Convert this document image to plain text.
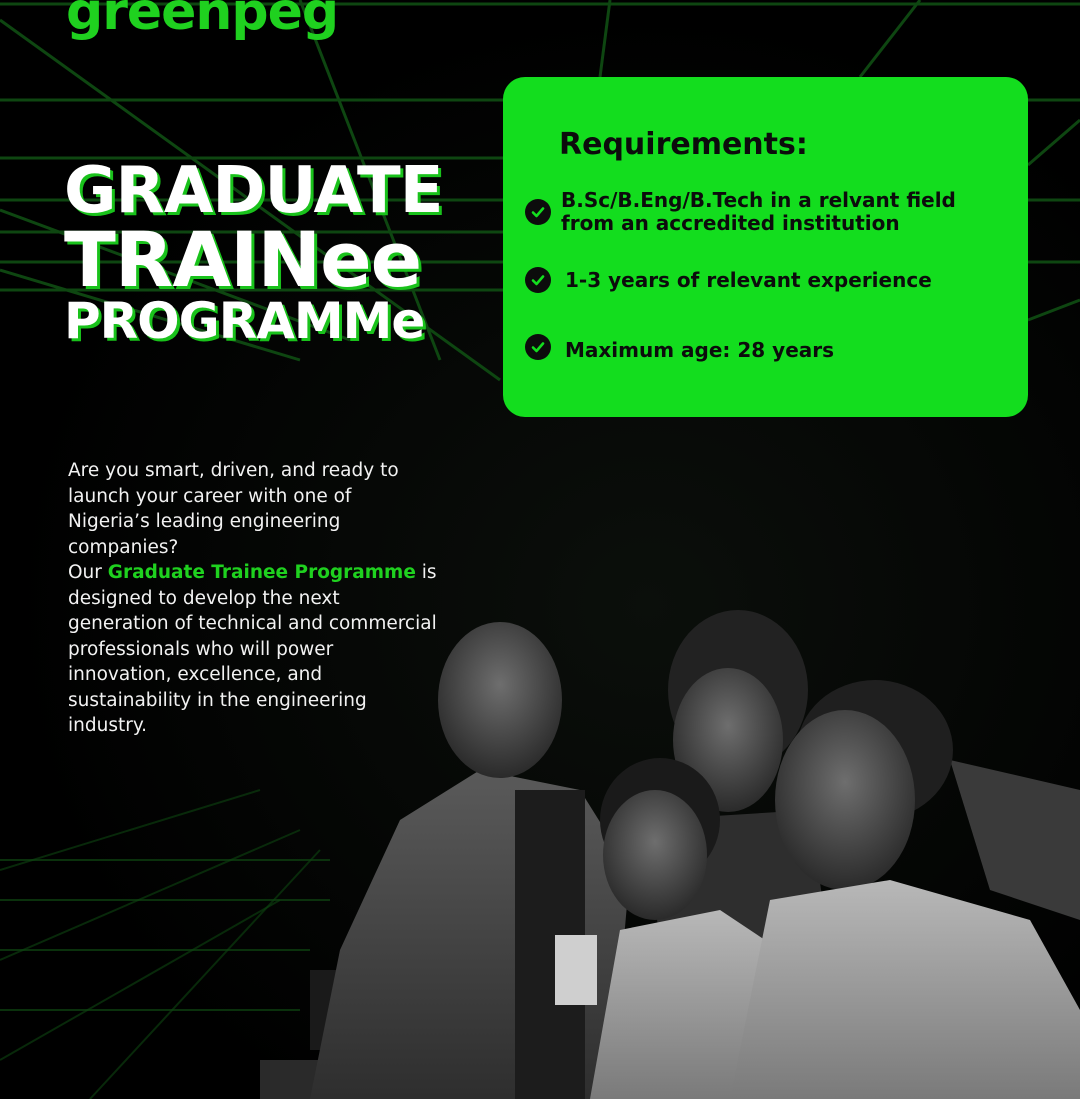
greenpeg
GRADUATE
TRAINee
PROGRAMMe
Requirements:
B.Sc/B.Eng/B.Tech in a relvant field from an accredited institution
1-3 years of relevant experience
Maximum age: 28 years
Are you smart, driven, and ready to launch your career with one of Nigeria’s leading engineering companies?
Our Graduate Trainee Programme is designed to develop the next generation of technical and commercial professionals who will power innovation, excellence, and sustainability in the engineering industry.
